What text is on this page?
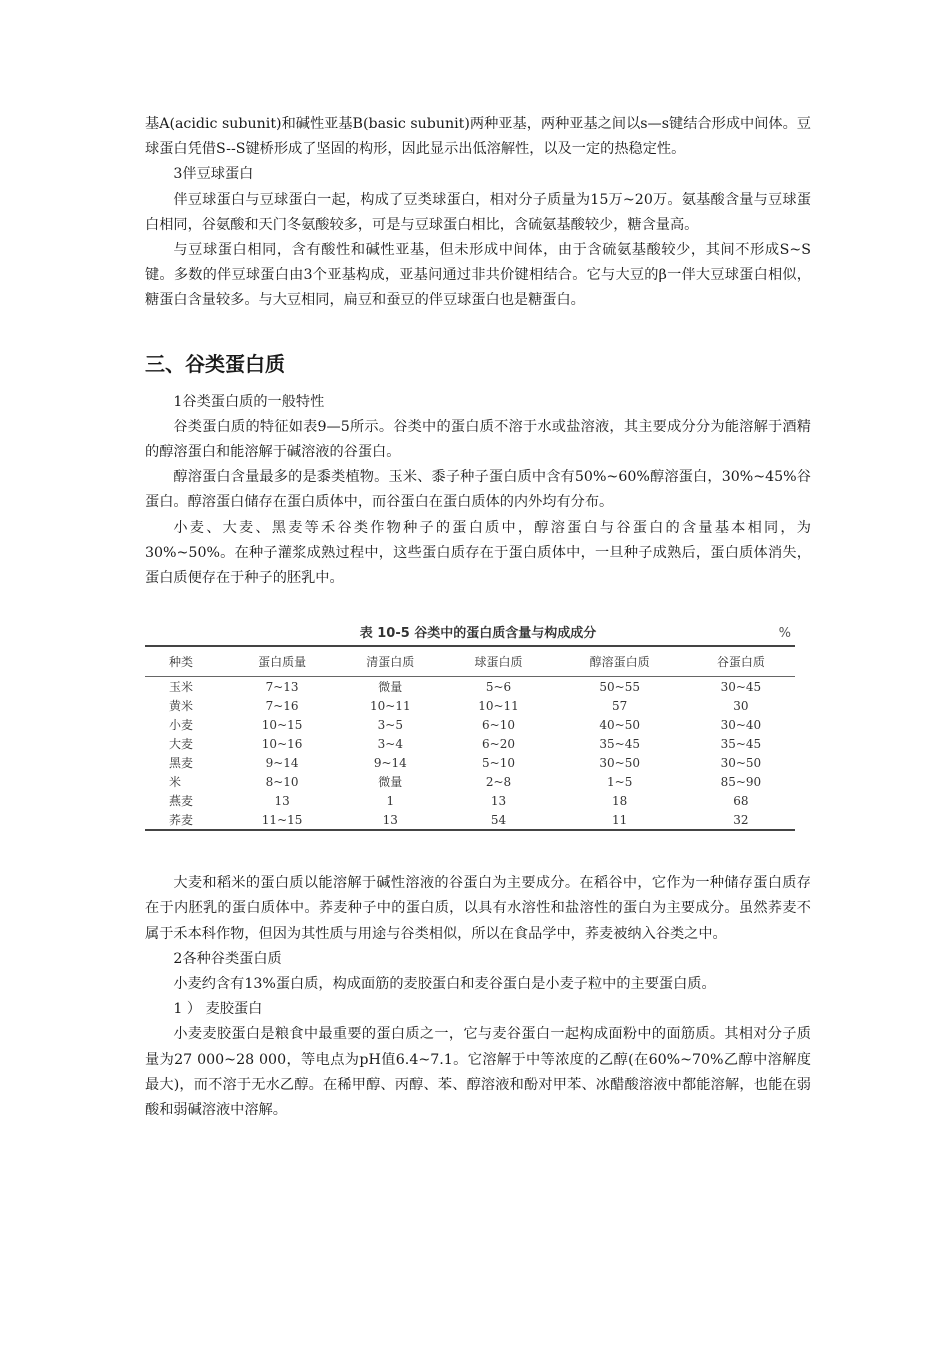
基A(acidic subunit)和碱性亚基B(basic subunit)两种亚基，两种亚基之间以s—s键结合形成中间体。豆球蛋白凭借S--S键桥形成了坚固的构形，因此显示出低溶解性，以及一定的热稳定性。

3伴豆球蛋白

伴豆球蛋白与豆球蛋白一起，构成了豆类球蛋白，相对分子质量为15万~20万。氨基酸含量与豆球蛋白相同，谷氨酸和天门冬氨酸较多，可是与豆球蛋白相比，含硫氨基酸较少，糖含量高。

与豆球蛋白相同，含有酸性和碱性亚基，但未形成中间体，由于含硫氨基酸较少，其间不形成S~S键。多数的伴豆球蛋白由3个亚基构成，亚基问通过非共价键相结合。它与大豆的β一伴大豆球蛋白相似，糖蛋白含量较多。与大豆相同，扁豆和蚕豆的伴豆球蛋白也是糖蛋白。

三、谷类蛋白质

1谷类蛋白质的一般特性

谷类蛋白质的特征如表9—5所示。谷类中的蛋白质不溶于水或盐溶液，其主要成分分为能溶解于酒精的醇溶蛋白和能溶解于碱溶液的谷蛋白。

醇溶蛋白含量最多的是黍类植物。玉米、黍子种子蛋白质中含有50%~60%醇溶蛋白，30%~45%谷蛋白。醇溶蛋白储存在蛋白质体中，而谷蛋白在蛋白质体的内外均有分布。

小麦、大麦、黑麦等禾谷类作物种子的蛋白质中，醇溶蛋白与谷蛋白的含量基本相同，为30%~50%。在种子灌浆成熟过程中，这些蛋白质存在于蛋白质体中，一旦种子成熟后，蛋白质体消失，蛋白质便存在于种子的胚乳中。

表 10-5 谷类中的蛋白质含量与构成成分	%
种类	蛋白质量	清蛋白质	球蛋白质	醇溶蛋白质	谷蛋白质
玉米	7~13	微量	5~6	50~55	30~45
黄米	7~16	10~11	10~11	57	30
小麦	10~15	3~5	6~10	40~50	30~40
大麦	10~16	3~4	6~20	35~45	35~45
黑麦	9~14	9~14	5~10	30~50	30~50
米	8~10	微量	2~8	1~5	85~90
燕麦	13	1	13	18	68
荞麦	11~15	13	54	11	32

大麦和稻米的蛋白质以能溶解于碱性溶液的谷蛋白为主要成分。在稻谷中，它作为一种储存蛋白质存在于内胚乳的蛋白质体中。荞麦种子中的蛋白质，以具有水溶性和盐溶性的蛋白为主要成分。虽然荞麦不属于禾本科作物，但因为其性质与用途与谷类相似，所以在食品学中，荞麦被纳入谷类之中。

2各种谷类蛋白质

小麦约含有13%蛋白质，构成面筋的麦胶蛋白和麦谷蛋白是小麦子粒中的主要蛋白质。

1 ） 麦胶蛋白

小麦麦胶蛋白是粮食中最重要的蛋白质之一，它与麦谷蛋白一起构成面粉中的面筋质。其相对分子质量为27 000~28 000，等电点为pH值6.4~7.1。它溶解于中等浓度的乙醇(在60%~70%乙醇中溶解度最大)，而不溶于无水乙醇。在稀甲醇、丙醇、苯、醇溶液和酚对甲苯、冰醋酸溶液中都能溶解，也能在弱酸和弱碱溶液中溶解。
